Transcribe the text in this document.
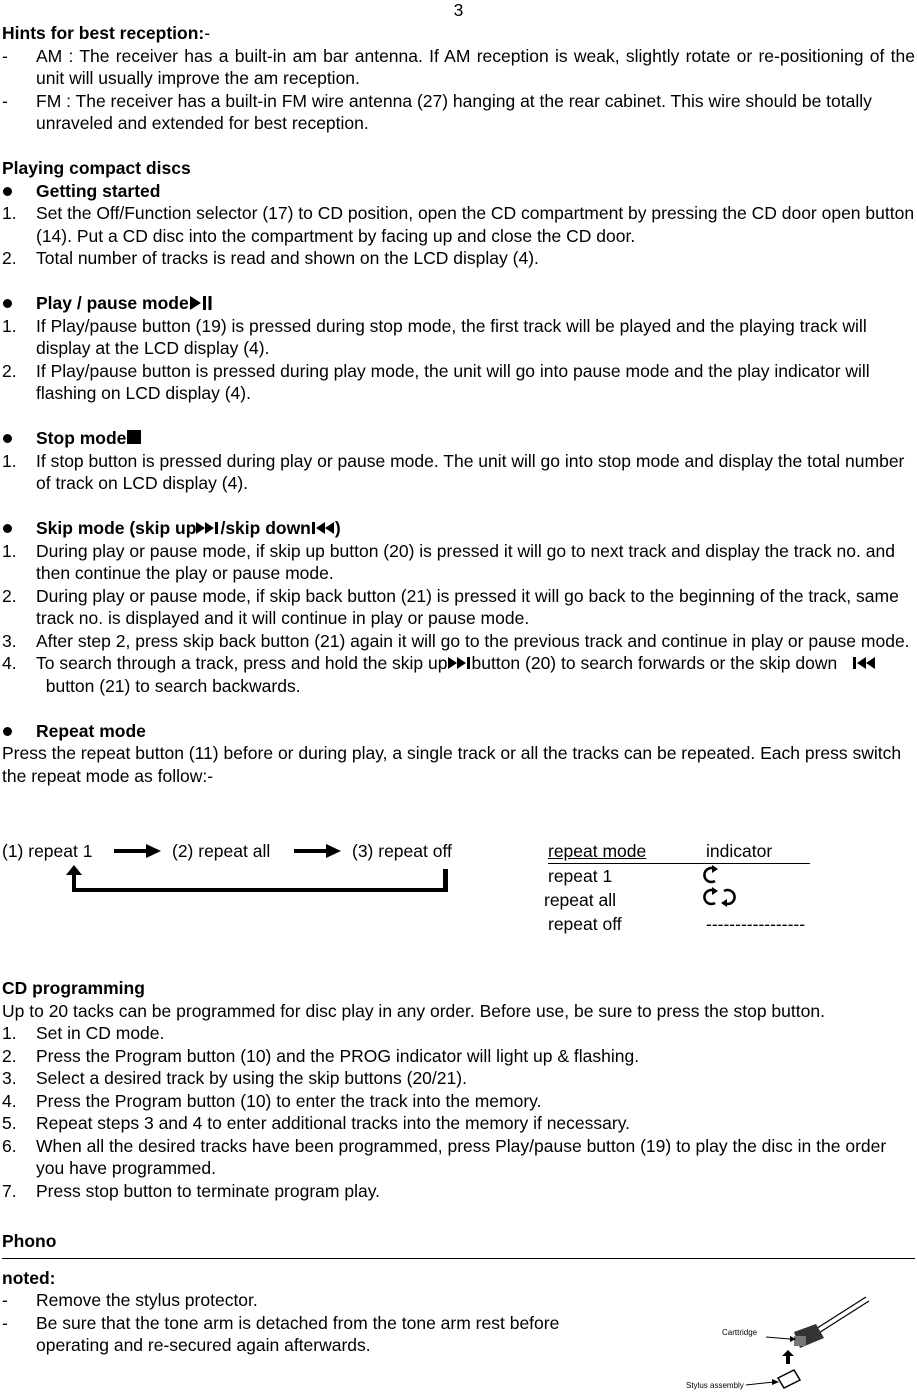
3
Hints for best reception:-
- AM : The receiver has a built-in am bar antenna. If AM reception is weak, slightly rotate or re-positioning of the unit will usually improve the am reception.
- FM : The receiver has a built-in FM wire antenna (27) hanging at the rear cabinet. This wire should be totally unraveled and extended for best reception.
Playing compact discs
Getting started
1. Set the Off/Function selector (17) to CD position, open the CD compartment by pressing the CD door open button (14). Put a CD disc into the compartment by facing up and close the CD door.
2. Total number of tracks is read and shown on the LCD display (4).
Play / pause mode
1. If Play/pause button (19) is pressed during stop mode, the first track will be played and the playing track will display at the LCD display (4).
2. If Play/pause button is pressed during play mode, the unit will go into pause mode and the play indicator will flashing on LCD display (4).
Stop mode
1. If stop button is pressed during play or pause mode. The unit will go into stop mode and display the total number of track on LCD display (4).
Skip mode (skip up /skip down )
1. During play or pause mode, if skip up button (20) is pressed it will go to next track and display the track no. and then continue the play or pause mode.
2. During play or pause mode, if skip back button (21) is pressed it will go back to the beginning of the track, same track no. is displayed and it will continue in play or pause mode.
3. After step 2, press skip back button (21) again it will go to the previous track and continue in play or pause mode.
4. To search through a track, press and hold the skip up button (20) to search forwards or the skip down     button (21) to search backwards.
Repeat mode
Press the repeat button (11) before or during play, a single track or all the tracks can be repeated. Each press switch the repeat mode as follow:-
(1) repeat 1	(2) repeat all	(3) repeat off	repeat mode	indicator
repeat 1
repeat all
repeat off	-----------------
CD programming
Up to 20 tacks can be programmed for disc play in any order. Before use, be sure to press the stop button.
1. Set in CD mode.
2. Press the Program button (10) and the PROG indicator will light up & flashing.
3. Select a desired track by using the skip buttons (20/21).
4. Press the Program button (10) to enter the track into the memory.
5. Repeat steps 3 and 4 to enter additional tracks into the memory if necessary.
6. When all the desired tracks have been programmed, press Play/pause button (19) to play the disc in the order you have programmed.
7. Press stop button to terminate program play.
Phono
noted:
- Remove the stylus protector.
- Be sure that the tone arm is detached from the tone arm rest before operating and re-secured again afterwards.
Carttridge
Stylus assembly
